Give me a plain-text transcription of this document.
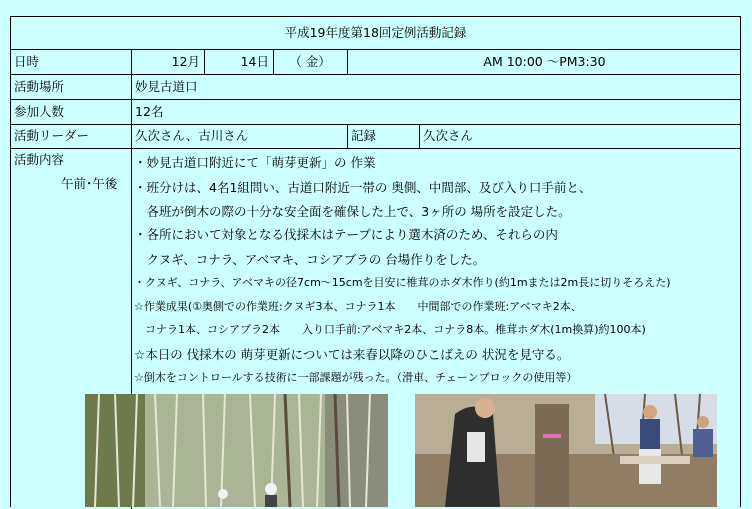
平成19年度第18回定例活動記録
日時	12月	14日	（ 金）	AM 10:00 ～PM3:30
活動場所	妙見古道口
参加人数	12名
活動リーダー	久次さん、古川さん	記録	久次さん
活動内容
午前･午後
・妙見古道口附近にて「萌芽更新」の 作業
・班分けは、4名1組問い、古道口附近一帯の 奥側、中間部、及び入り口手前と、
　各班が倒木の際の十分な安全面を確保した上で、3ヶ所の 場所を設定した。
・各所において対象となる伐採木はテープにより選木済のため、それらの内
　クヌギ、コナラ、アベマキ、コシアブラの 台場作りをした。
・クヌギ、コナラ、アベマキの径7cm～15cmを目安に椎茸のホダ木作り(約1mまたは2m長に切りそろえた)
☆作業成果(①奥側での作業班:クヌギ3本、コナラ1本　　中間部での作業班:アベマキ2本、
　コナラ1本、コシアブラ2本　　入り口手前:アベマキ2本、コナラ8本。椎茸ホダ木(1m換算)約100本)
☆本日の 伐採木の 萌芽更新については来春以降のひこばえの 状況を見守る。
☆倒木をコントロールする技術に一部課題が残った。（滑車、チェーンブロックの使用等）
